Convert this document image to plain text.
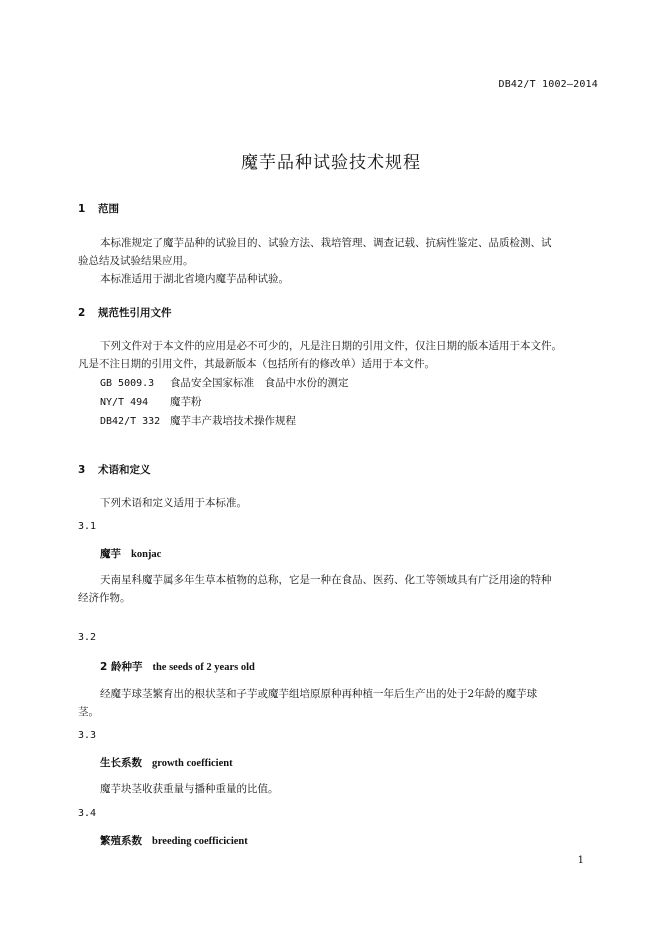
DB42/T 1002—2014
魔芋品种试验技术规程
1 范围
本标准规定了魔芋品种的试验目的、试验方法、栽培管理、调查记载、抗病性鉴定、品质检测、试
验总结及试验结果应用。
本标准适用于湖北省境内魔芋品种试验。
2 规范性引用文件
下列文件对于本文件的应用是必不可少的，凡是注日期的引用文件，仅注日期的版本适用于本文件。
凡是不注日期的引用文件，其最新版本（包括所有的修改单）适用于本文件。
GB 5009.3 食品安全国家标准　食品中水份的测定
NY/T 494 魔芋粉
DB42/T 332 魔芋丰产栽培技术操作规程
3 术语和定义
下列术语和定义适用于本标准。
3.1
魔芋 konjac
天南星科魔芋属多年生草本植物的总称，它是一种在食品、医药、化工等领域具有广泛用途的特种
经济作物。
3.2
2 龄种芋 the seeds of 2 years old
经魔芋球茎繁育出的根状茎和子芋或魔芋组培原原种再种植一年后生产出的处于2年龄的魔芋球
茎。
3.3
生长系数 growth coefficient
魔芋块茎收获重量与播种重量的比值。
3.4
繁殖系数 breeding coefficicient
1
